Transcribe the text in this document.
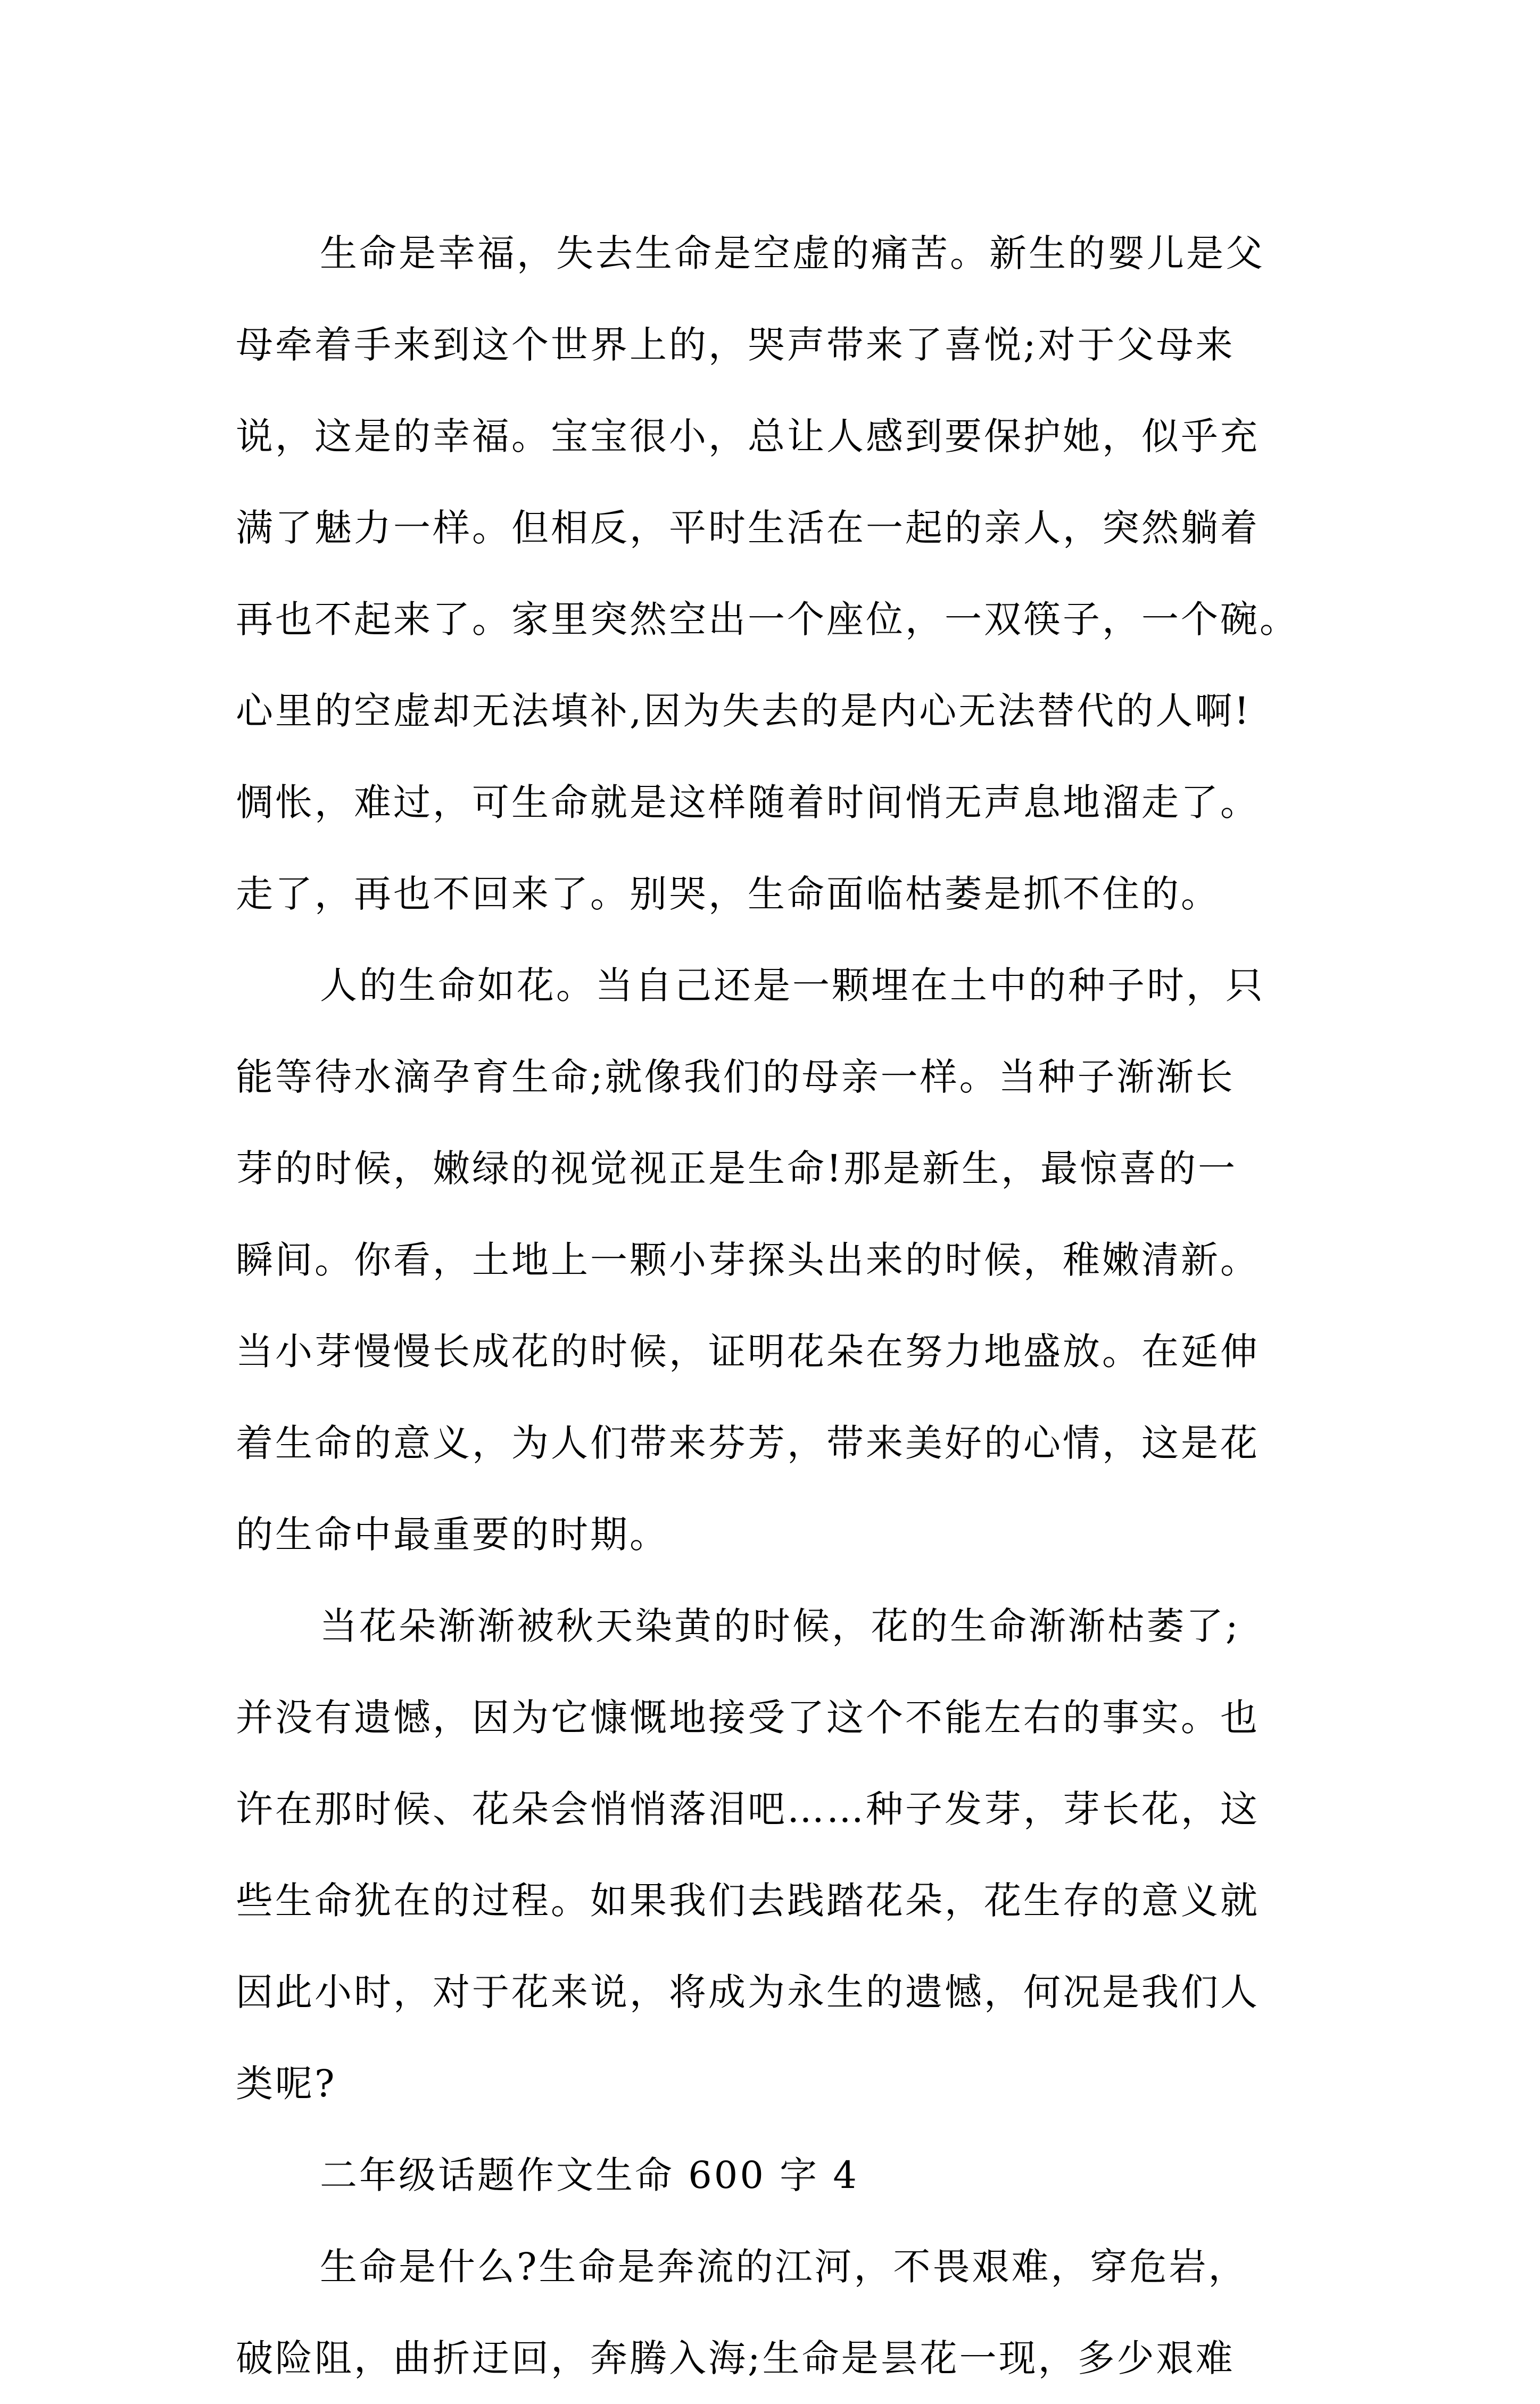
生命是幸福，失去生命是空虚的痛苦。新生的婴儿是父
母牵着手来到这个世界上的，哭声带来了喜悦;对于父母来
说，这是的幸福。宝宝很小，总让人感到要保护她，似乎充
满了魅力一样。但相反，平时生活在一起的亲人，突然躺着
再也不起来了。家里突然空出一个座位，一双筷子，一个碗。
心里的空虚却无法填补,因为失去的是内心无法替代的人啊!
惆怅，难过，可生命就是这样随着时间悄无声息地溜走了。
走了，再也不回来了。别哭，生命面临枯萎是抓不住的。
人的生命如花。当自己还是一颗埋在土中的种子时，只
能等待水滴孕育生命;就像我们的母亲一样。当种子渐渐长
芽的时候，嫩绿的视觉视正是生命!那是新生，最惊喜的一
瞬间。你看，土地上一颗小芽探头出来的时候，稚嫩清新。
当小芽慢慢长成花的时候，证明花朵在努力地盛放。在延伸
着生命的意义，为人们带来芬芳，带来美好的心情，这是花
的生命中最重要的时期。
当花朵渐渐被秋天染黄的时候，花的生命渐渐枯萎了;
并没有遗憾，因为它慷慨地接受了这个不能左右的事实。也
许在那时候、花朵会悄悄落泪吧……种子发芽，芽长花，这
些生命犹在的过程。如果我们去践踏花朵，花生存的意义就
因此小时，对于花来说，将成为永生的遗憾，何况是我们人
类呢?
二年级话题作文生命 600 字 4
生命是什么?生命是奔流的江河，不畏艰难，穿危岩，
破险阻，曲折迂回，奔腾入海;生命是昙花一现，多少艰难
